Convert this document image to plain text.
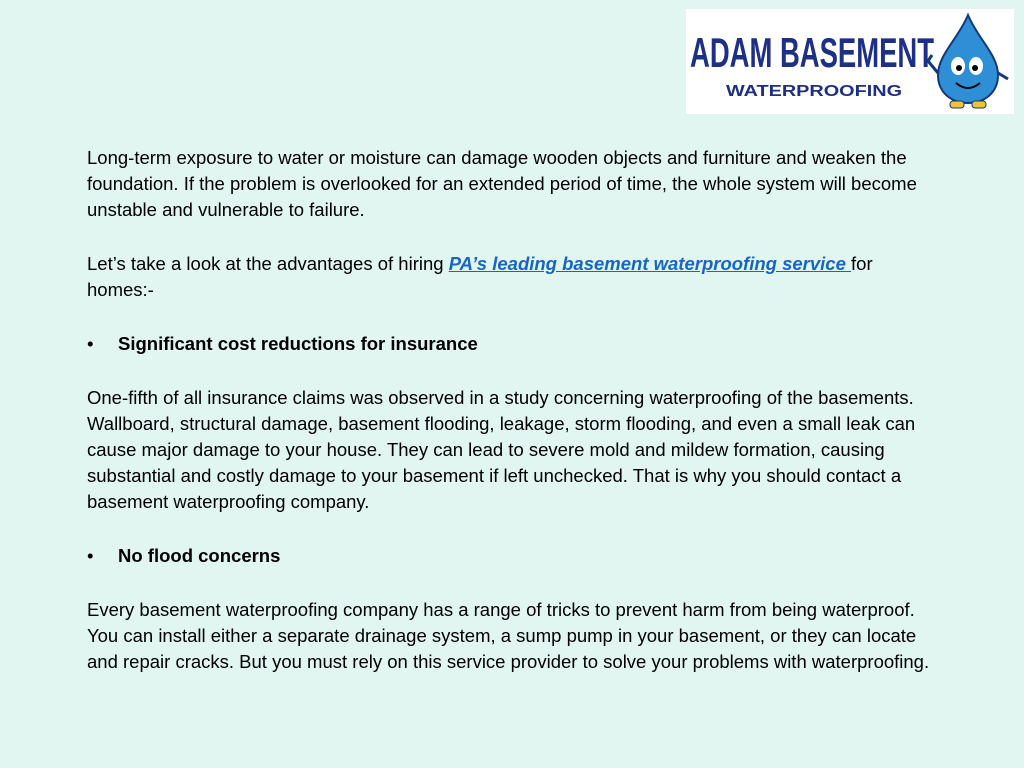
ADAM BASEMENT
WATERPROOFING

Long-term exposure to water or moisture can damage wooden objects and furniture and weaken the foundation. If the problem is overlooked for an extended period of time, the whole system will become unstable and vulnerable to failure.

Let’s take a look at the advantages of hiring PA’s leading basement waterproofing service for homes:-

•	Significant cost reductions for insurance

One-fifth of all insurance claims was observed in a study concerning waterproofing of the basements. Wallboard, structural damage, basement flooding, leakage, storm flooding, and even a small leak can cause major damage to your house. They can lead to severe mold and mildew formation, causing substantial and costly damage to your basement if left unchecked. That is why you should contact a basement waterproofing company.

•	No flood concerns

Every basement waterproofing company has a range of tricks to prevent harm from being waterproof. You can install either a separate drainage system, a sump pump in your basement, or they can locate and repair cracks. But you must rely on this service provider to solve your problems with waterproofing.
